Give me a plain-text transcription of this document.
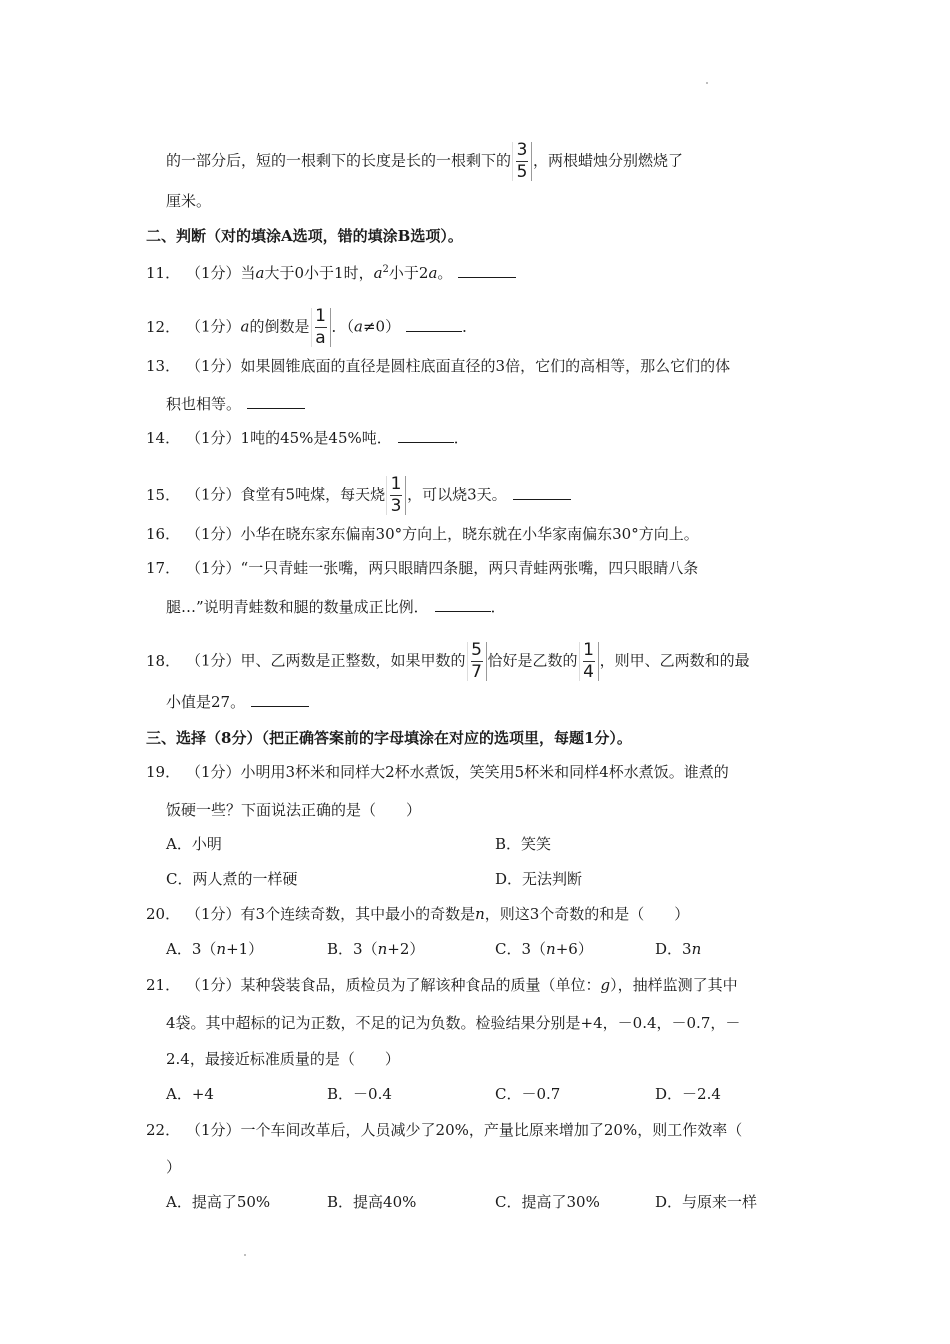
的一部分后，短的一根剩下的长度是长的一根剩下的 $\frac{3}{5}$ ，两根蜡烛分别燃烧了
厘米。
二、判断（对的填涂A选项，错的填涂B选项）。
11． （1分）当a大于0小于1时，$a^2$小于2a。
12． （1分）a的倒数是 $\frac{1}{a}$ ．（a≠0）	．
13． （1分）如果圆锥底面的直径是圆柱底面直径的3倍，它们的高相等，那么它们的体
积也相等。
14． （1分）1吨的45%是45%吨．	．
15． （1分）食堂有5吨煤，每天烧 $\frac{1}{3}$ ，可以烧3天。
16． （1分）小华在晓东家东偏南30°方向上，晓东就在小华家南偏东30°方向上。
17． （1分）“一只青蛙一张嘴，两只眼睛四条腿，两只青蛙两张嘴，四只眼睛八条
腿…”说明青蛙数和腿的数量成正比例．	．
18． （1分）甲、乙两数是正整数，如果甲数的 $\frac{5}{7}$ 恰好是乙数的 $\frac{1}{4}$ ，则甲、乙两数和的最
小值是27。
三、选择（8分）（把正确答案前的字母填涂在对应的选项里，每题1分）。
19． （1分）小明用3杯米和同样大2杯水煮饭，笑笑用5杯米和同样4杯水煮饭。谁煮的
饭硬一些？下面说法正确的是（　　）
A．小明	B．笑笑
C．两人煮的一样硬	D．无法判断
20． （1分）有3个连续奇数，其中最小的奇数是n，则这3个奇数的和是（　　）
A．3（n+1）	B．3（n+2）	C．3（n+6）	D．3n
21． （1分）某种袋装食品，质检员为了解该种食品的质量（单位：g），抽样监测了其中
4袋。其中超标的记为正数，不足的记为负数。检验结果分别是+4，－0.4，－0.7，－
2.4，最接近标准质量的是（　　）
A．+4	B．－0.4	C．－0.7	D．－2.4
22． （1分）一个车间改革后，人员减少了20%，产量比原来增加了20%，则工作效率（
）
A．提高了50%	B．提高40%	C．提高了30%	D．与原来一样
